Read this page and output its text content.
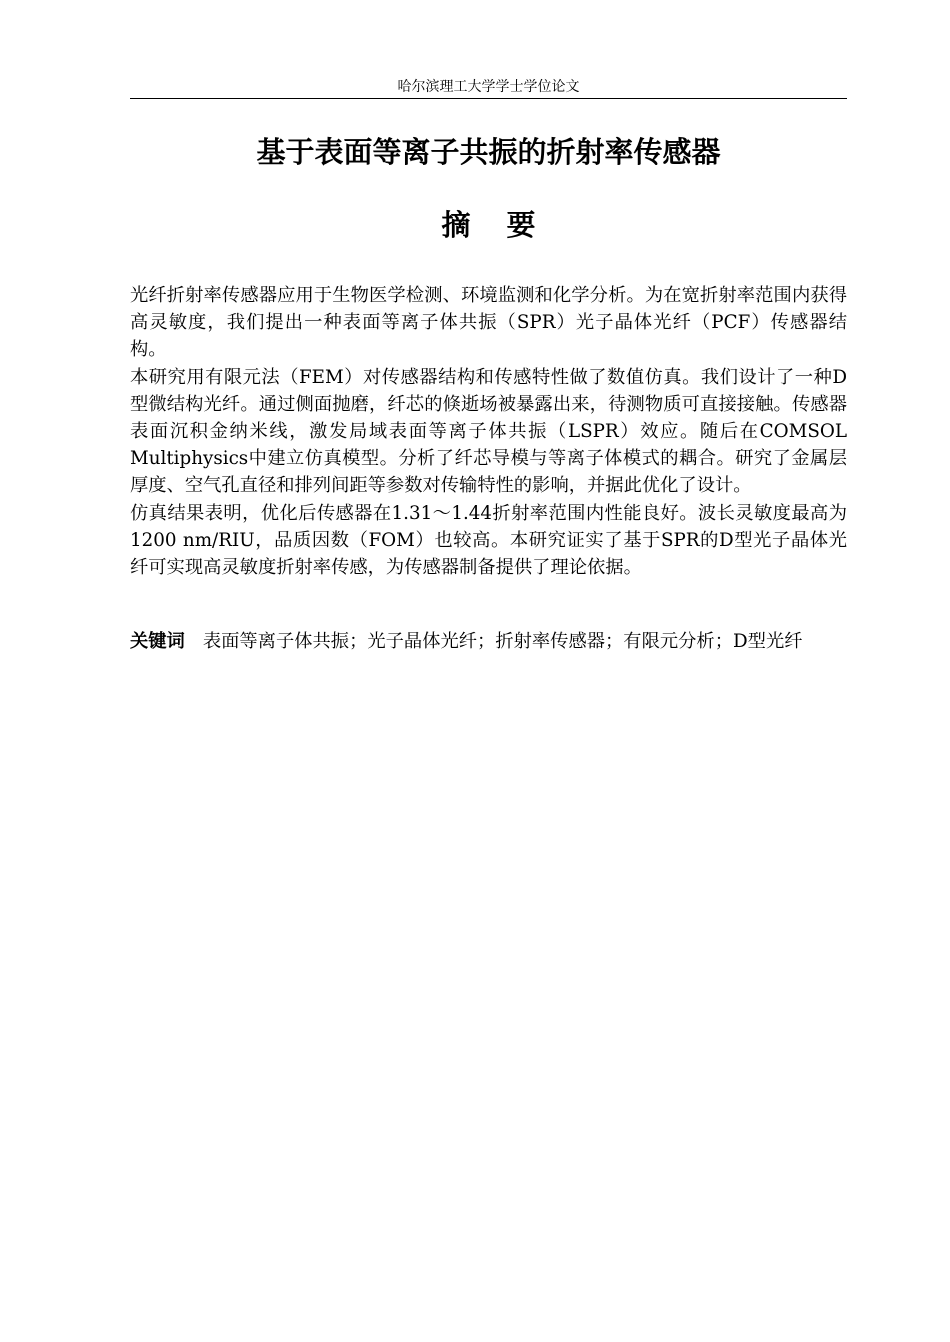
哈尔滨理工大学学士学位论文
基于表面等离子共振的折射率传感器
摘要

光纤折射率传感器应用于生物医学检测、环境监测和化学分析。为在宽折射率范围内获得高灵敏度，我们提出一种表面等离子体共振（SPR）光子晶体光纤（PCF）传感器结构。

本研究用有限元法（FEM）对传感器结构和传感特性做了数值仿真。我们设计了一种D型微结构光纤。通过侧面抛磨，纤芯的倏逝场被暴露出来，待测物质可直接接触。传感器表面沉积金纳米线，激发局域表面等离子体共振（LSPR）效应。随后在COMSOL Multiphysics中建立仿真模型。分析了纤芯导模与等离子体模式的耦合。研究了金属层厚度、空气孔直径和排列间距等参数对传输特性的影响，并据此优化了设计。

仿真结果表明，优化后传感器在1.31～1.44折射率范围内性能良好。波长灵敏度最高为1200 nm/RIU，品质因数（FOM）也较高。本研究证实了基于SPR的D型光子晶体光纤可实现高灵敏度折射率传感，为传感器制备提供了理论依据。

关键词 表面等离子体共振；光子晶体光纤；折射率传感器；有限元分析；D型光纤
